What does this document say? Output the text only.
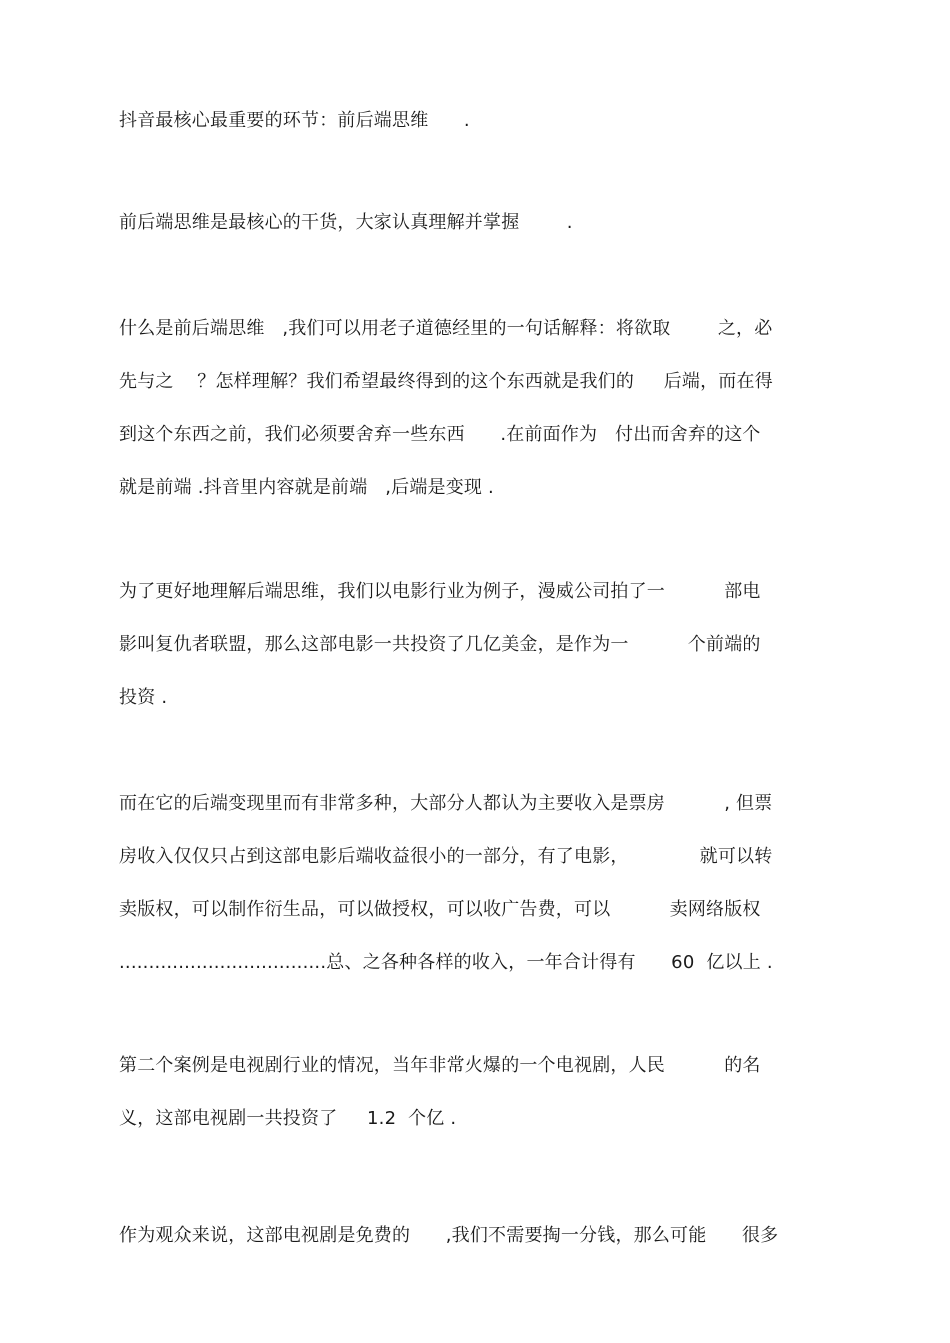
抖音最核心最重要的环节：前后端思维      .
前后端思维是最核心的干货，大家认真理解并掌握        .
什么是前后端思维   ,我们可以用老子道德经里的一句话解释：将欲取        之，必
先与之    ？怎样理解？我们希望最终得到的这个东西就是我们的     后端，而在得
到这个东西之前，我们必须要舍弃一些东西      .在前面作为   付出而舍弃的这个
就是前端 .抖音里内容就是前端   ,后端是变现 .
为了更好地理解后端思维，我们以电影行业为例子，漫威公司拍了一          部电
影叫复仇者联盟，那么这部电影一共投资了几亿美金，是作为一          个前端的
投资 .
而在它的后端变现里而有非常多种，大部分人都认为主要收入是票房          , 但票
房收入仅仅只占到这部电影后端收益很小的一部分，有了电影，            就可以转
卖版权，可以制作衍生品，可以做授权，可以收广告费，可以          卖网络版权
...................................总、之各种各样的收入，一年合计得有      60  亿以上 .
第二个案例是电视剧行业的情况，当年非常火爆的一个电视剧，人民          的名
义，这部电视剧一共投资了     1.2  个亿 .
作为观众来说，这部电视剧是免费的      ,我们不需要掏一分钱，那么可能      很多
